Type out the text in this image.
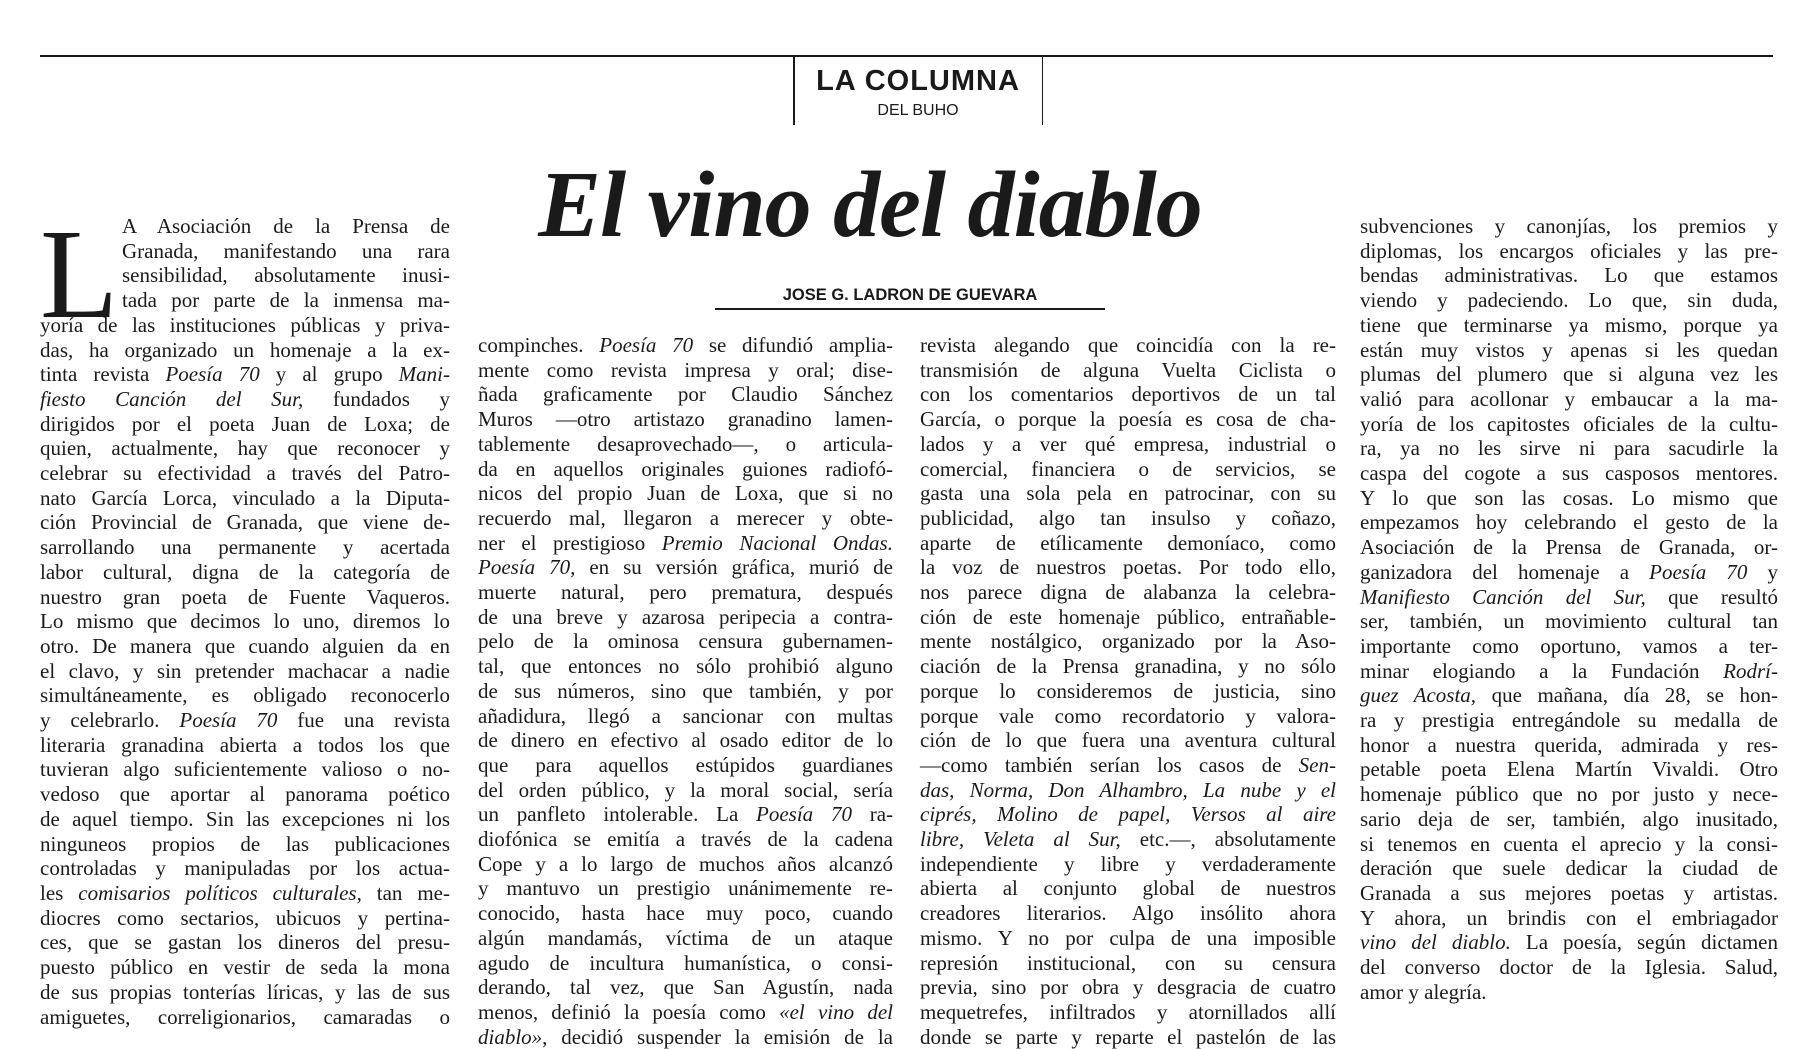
LA COLUMNA
DEL BUHO
El vino del diablo
JOSE G. LADRON DE GUEVARA
L A Asociación de la Prensa de
Granada, manifestando una rara
sensibilidad, absolutamente inusi-
tada por parte de la inmensa ma-
yoría de las instituciones públicas y priva-
das, ha organizado un homenaje a la ex-
tinta revista Poesía 70 y al grupo Mani-
fiesto Canción del Sur, fundados y
dirigidos por el poeta Juan de Loxa; de
quien, actualmente, hay que reconocer y
celebrar su efectividad a través del Patro-
nato García Lorca, vinculado a la Diputa-
ción Provincial de Granada, que viene de-
sarrollando una permanente y acertada
labor cultural, digna de la categoría de
nuestro gran poeta de Fuente Vaqueros.
Lo mismo que decimos lo uno, diremos lo
otro. De manera que cuando alguien da en
el clavo, y sin pretender machacar a nadie
simultáneamente, es obligado reconocerlo
y celebrarlo. Poesía 70 fue una revista
literaria granadina abierta a todos los que
tuvieran algo suficientemente valioso o no-
vedoso que aportar al panorama poético
de aquel tiempo. Sin las excepciones ni los
ningunеos propios de las publicaciones
controladas y manipuladas por los actua-
les comisarios políticos culturales, tan me-
diocres como sectarios, ubicuos y pertina-
ces, que se gastan los dineros del presu-
puesto público en vestir de seda la mona
de sus propias tonterías líricas, y las de sus
amiguetes, correligionarios, camaradas o
compinches. Poesía 70 se difundió amplia-
mente como revista impresa y oral; dise-
ñada graficamente por Claudio Sánchez
Muros —otro artistazo granadino lamen-
tablemente desaprovechado—, o articula-
da en aquellos originales guiones radiofó-
nicos del propio Juan de Loxa, que si no
recuerdo mal, llegaron a merecer y obte-
ner el prestigioso Premio Nacional Ondas.
Poesía 70, en su versión gráfica, murió de
muerte natural, pero prematura, después
de una breve y azarosa peripecia a contra-
pelo de la ominosa censura gubernamen-
tal, que entonces no sólo prohibió alguno
de sus números, sino que también, y por
añadidura, llegó a sancionar con multas
de dinero en efectivo al osado editor de lo
que para aquellos estúpidos guardianes
del orden público, y la moral social, sería
un panfleto intolerable. La Poesía 70 ra-
diofónica se emitía a través de la cadena
Cope y a lo largo de muchos años alcanzó
y mantuvo un prestigio unánimemente re-
conocido, hasta hace muy poco, cuando
algún mandamás, víctima de un ataque
agudo de incultura humanística, o consi-
derando, tal vez, que San Agustín, nada
menos, definió la poesía como «el vino del
diablo», decidió suspender la emisión de la
revista alegando que coincidía con la re-
transmisión de alguna Vuelta Ciclista o
con los comentarios deportivos de un tal
García, o porque la poesía es cosa de cha-
lados y a ver qué empresa, industrial o
comercial, financiera o de servicios, se
gasta una sola pela en patrocinar, con su
publicidad, algo tan insulso y coñazo,
aparte de etílicamente demoníaco, como
la voz de nuestros poetas. Por todo ello,
nos parece digna de alabanza la celebra-
ción de este homenaje público, entrañable-
mente nostálgico, organizado por la Aso-
ciación de la Prensa granadina, y no sólo
porque lo consideremos de justicia, sino
porque vale como recordatorio y valora-
ción de lo que fuera una aventura cultural
—como también serían los casos de Sen-
das, Norma, Don Alhambro, La nube y el
ciprés, Molino de papel, Versos al aire
libre, Veleta al Sur, etc.—, absolutamente
independiente y libre y verdaderamente
abierta al conjunto global de nuestros
creadores literarios. Algo insólito ahora
mismo. Y no por culpa de una imposible
represión institucional, con su censura
previa, sino por obra y desgracia de cuatro
mequetrefes, infiltrados y atornillados allí
donde se parte y reparte el pastelón de las
subvenciones y canonjías, los premios y
diplomas, los encargos oficiales y las pre-
bendas administrativas. Lo que estamos
viendo y padeciendo. Lo que, sin duda,
tiene que terminarse ya mismo, porque ya
están muy vistos y apenas si les quedan
plumas del plumero que si alguna vez les
valió para acollonar y embaucar a la ma-
yoría de los capitostes oficiales de la cultu-
ra, ya no les sirve ni para sacudirle la
caspa del cogote a sus casposos mentores.
Y lo que son las cosas. Lo mismo que
empezamos hoy celebrando el gesto de la
Asociación de la Prensa de Granada, or-
ganizadora del homenaje a Poesía 70 y
Manifiesto Canción del Sur, que resultó
ser, también, un movimiento cultural tan
importante como oportuno, vamos a ter-
minar elogiando a la Fundación Rodrí-
guez Acosta, que mañana, día 28, se hon-
ra y prestigia entregándole su medalla de
honor a nuestra querida, admirada y res-
petable poeta Elena Martín Vivaldi. Otro
homenaje público que no por justo y nece-
sario deja de ser, también, algo inusitado,
si tenemos en cuenta el aprecio y la consi-
deración que suele dedicar la ciudad de
Granada a sus mejores poetas y artistas.
Y ahora, un brindis con el embriagador
vino del diablo. La poesía, según dictamen
del converso doctor de la Iglesia. Salud,
amor y alegría.
